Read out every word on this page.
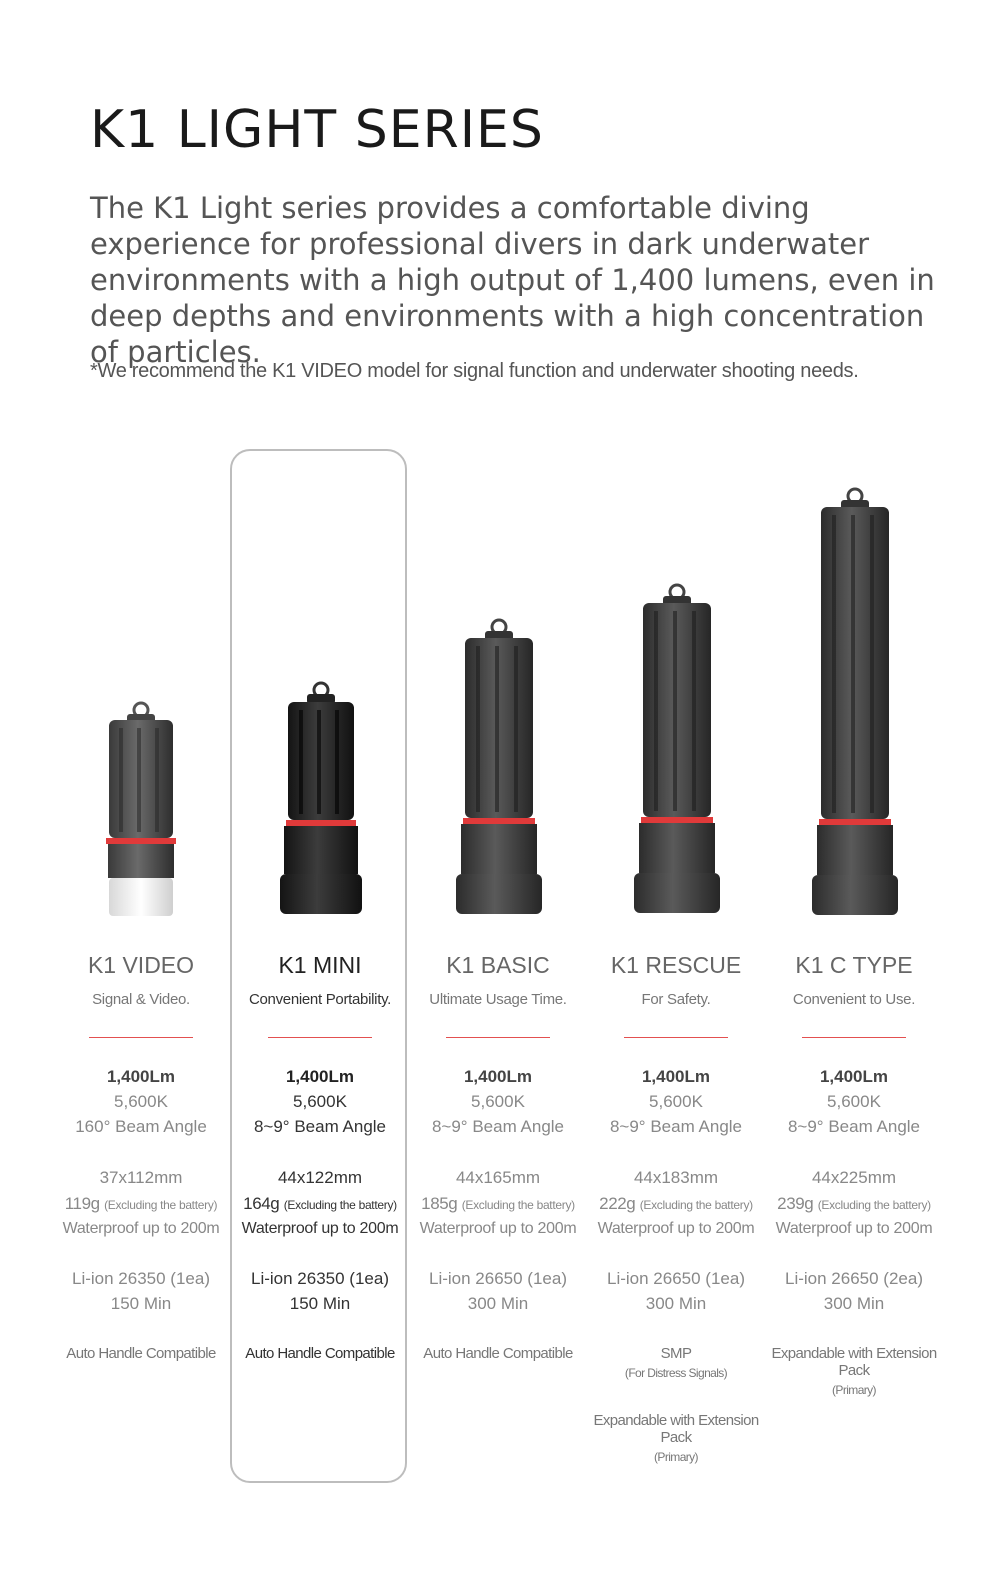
K1 LIGHT SERIES

The K1 Light series provides a comfortable diving experience for professional divers in dark underwater environments with a high output of 1,400 lumens, even in deep depths and environments with a high concentration of particles.

*We recommend the K1 VIDEO model for signal function and underwater shooting needs.

K1 VIDEO
Signal & Video.
1,400Lm
5,600K
160° Beam Angle
37x112mm
119g (Excluding the battery)
Waterproof up to 200m
Li-ion 26350 (1ea)
150 Min
Auto Handle Compatible
K1 MINI
Convenient Portability.
1,400Lm
5,600K
8~9° Beam Angle
44x122mm
164g (Excluding the battery)
Waterproof up to 200m
Li-ion 26350 (1ea)
150 Min
Auto Handle Compatible
K1 BASIC
Ultimate Usage Time.
1,400Lm
5,600K
8~9° Beam Angle
44x165mm
185g (Excluding the battery)
Waterproof up to 200m
Li-ion 26650 (1ea)
300 Min
Auto Handle Compatible
K1 RESCUE
For Safety.
1,400Lm
5,600K
8~9° Beam Angle
44x183mm
222g (Excluding the battery)
Waterproof up to 200m
Li-ion 26650 (1ea)
300 Min
SMP
(For Distress Signals)
Expandable with Extension Pack
(Primary)
K1 C TYPE
Convenient to Use.
1,400Lm
5,600K
8~9° Beam Angle
44x225mm
239g (Excluding the battery)
Waterproof up to 200m
Li-ion 26650 (2ea)
300 Min
Expandable with Extension Pack
(Primary)
